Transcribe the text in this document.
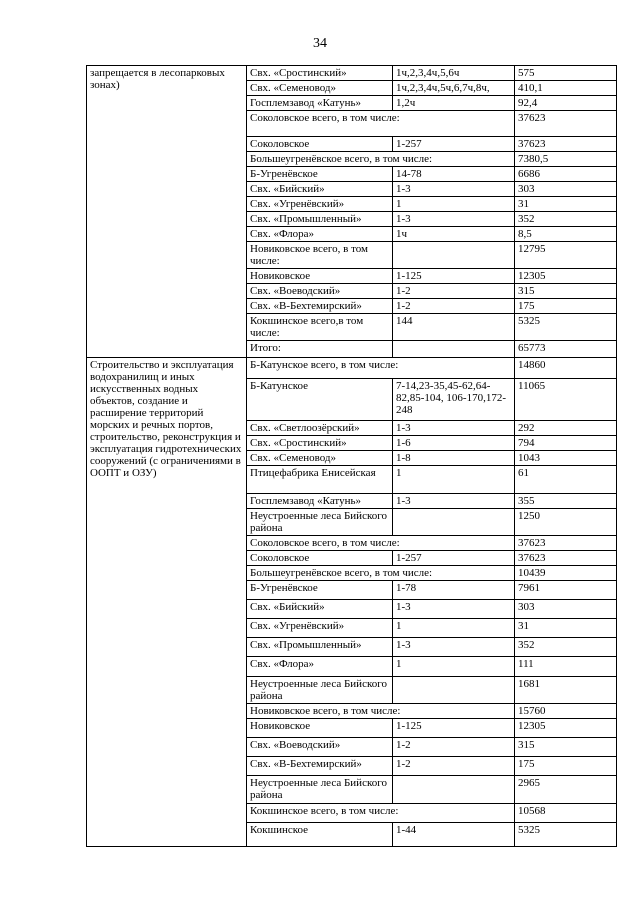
34
запрещается в лесопарковых зонах)	Свх. «Сростинский»	1ч,2,3,4ч,5,6ч	575
	Свх. «Семеновод»	1ч,2,3,4ч,5ч,6,7ч,8ч,	410,1
	Госплемзавод «Катунь»	1,2ч	92,4
	Соколовское всего, в том числе:		37623
	Соколовское	1-257	37623
	Большеугренёвское всего, в том числе:		7380,5
	Б-Угренёвское	14-78	6686
	Свх. «Бийский»	1-3	303
	Свх. «Угренёвский»	1	31
	Свх. «Промышленный»	1-3	352
	Свх. «Флора»	1ч	8,5
	Новиковское всего, в том числе:		12795
	Новиковское	1-125	12305
	Свх. «Воеводский»	1-2	315
	Свх. «В-Бехтемирский»	1-2	175
	Кокшинское всего,в том числе:	144	5325
	Итого:		65773
Строительство и эксплуатация водохранилищ и иных искусственных водных объектов, создание и расширение территорий морских и речных портов, строительство, реконструкция и эксплуатация гидротехнических сооружений (с ограничениями в ООПТ и ОЗУ)	Б-Катунское всего, в том числе:		14860
	Б-Катунское	7-14,23-35,45-62,64-82,85-104, 106-170,172-248	11065
	Свх. «Светлоозёрский»	1-3	292
	Свх. «Сростинский»	1-6	794
	Свх. «Семеновод»	1-8	1043
	Птицефабрика Енисейская	1	61
	Госплемзавод «Катунь»	1-3	355
	Неустроенные леса Бийского района		1250
	Соколовское всего, в том числе:		37623
	Соколовское	1-257	37623
	Большеугренёвское всего, в том числе:		10439
	Б-Угренёвское	1-78	7961
	Свх. «Бийский»	1-3	303
	Свх. «Угренёвский»	1	31
	Свх. «Промышленный»	1-3	352
	Свх. «Флора»	1	111
	Неустроенные леса Бийского района		1681
	Новиковское всего, в том числе:		15760
	Новиковское	1-125	12305
	Свх. «Воеводский»	1-2	315
	Свх. «В-Бехтемирский»	1-2	175
	Неустроенные леса Бийского района		2965
	Кокшинское всего, в том числе:		10568
	Кокшинское	1-44	5325
